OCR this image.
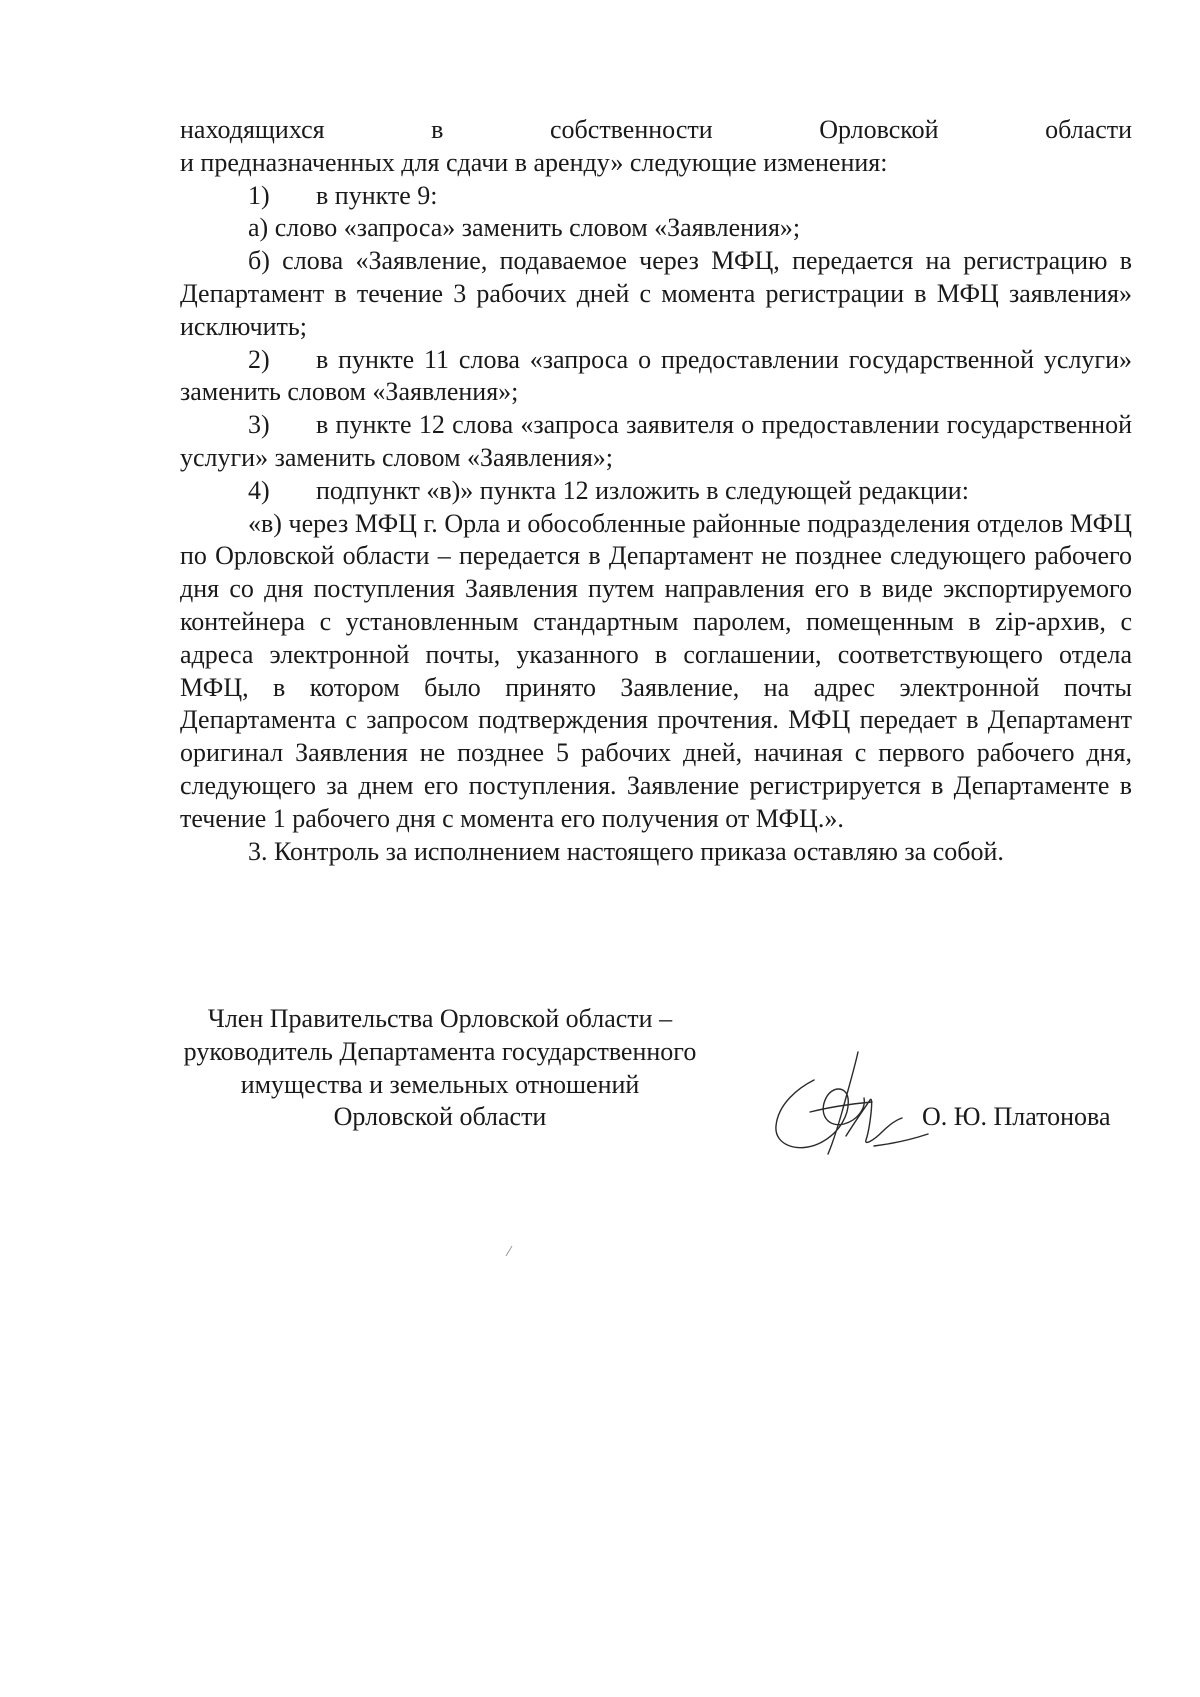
находящихся	в собственности	Орловской	области

и предназначенных для сдачи в аренду» следующие изменения:

1) в пункте 9:

а) слово «запроса» заменить словом «Заявления»;

б) слова «Заявление, подаваемое через МФЦ, передается на регистрацию в Департамент в течение 3 рабочих дней с момента регистрации в МФЦ заявления» исключить;

2) в пункте 11 слова «запроса о предоставлении государственной услуги» заменить словом «Заявления»;

3) в пункте 12 слова «запроса заявителя о предоставлении государственной услуги» заменить словом «Заявления»;

4) подпункт «в)» пункта 12 изложить в следующей редакции:

«в) через МФЦ г. Орла и обособленные районные подразделения отделов МФЦ по Орловской области – передается в Департамент не позднее следующего рабочего дня со дня поступления Заявления путем направления его в виде экспортируемого контейнера с установленным стандартным паролем, помещенным в zip-архив, с адреса электронной почты, указанного в соглашении, соответствующего отдела МФЦ, в котором было принято Заявление, на адрес электронной почты Департамента с запросом подтверждения прочтения. МФЦ передает в Департамент оригинал Заявления не позднее 5 рабочих дней, начиная с первого рабочего дня, следующего за днем его поступления. Заявление регистрируется в Департаменте в течение 1 рабочего дня с момента его получения от МФЦ.».

3. Контроль за исполнением настоящего приказа оставляю за собой.

Член Правительства Орловской области –
руководитель Департамента государственного
имущества и земельных отношений
Орловской области	О. Ю. Платонова
